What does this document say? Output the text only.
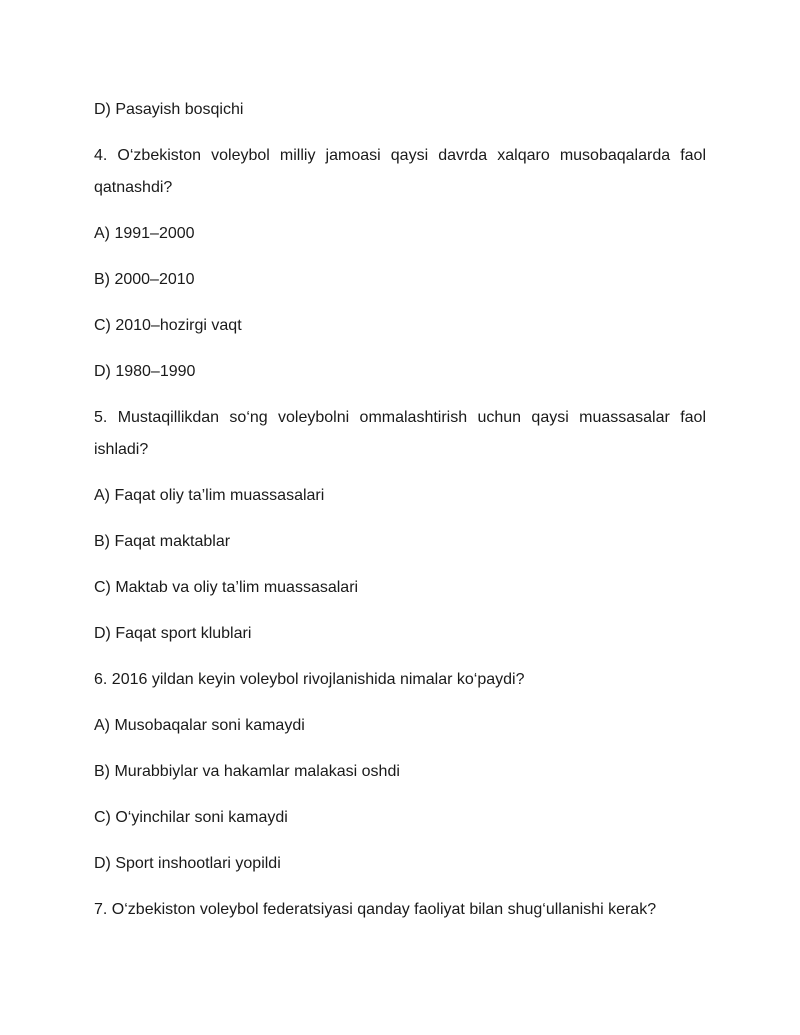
D) Pasayish bosqichi

4. O‘zbekiston voleybol milliy jamoasi qaysi davrda xalqaro musobaqalarda faol qatnashdi?

A) 1991–2000

B) 2000–2010

C) 2010–hozirgi vaqt

D) 1980–1990

5. Mustaqillikdan so‘ng voleybolni ommalashtirish uchun qaysi muassasalar faol ishladi?

A) Faqat oliy ta’lim muassasalari

B) Faqat maktablar

C) Maktab va oliy ta’lim muassasalari

D) Faqat sport klublari

6. 2016 yildan keyin voleybol rivojlanishida nimalar ko‘paydi?

A) Musobaqalar soni kamaydi

B) Murabbiylar va hakamlar malakasi oshdi

C) O‘yinchilar soni kamaydi

D) Sport inshootlari yopildi

7. O‘zbekiston voleybol federatsiyasi qanday faoliyat bilan shug‘ullanishi kerak?
